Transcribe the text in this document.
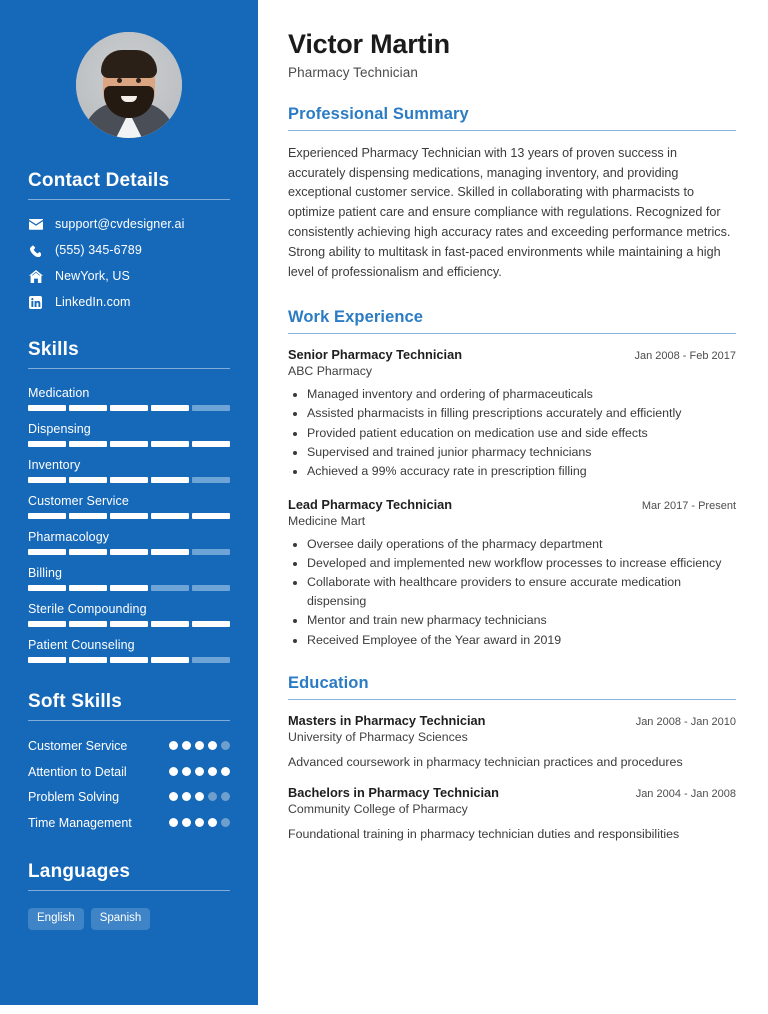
Contact Details
support@cvdesigner.ai
(555) 345-6789
NewYork, US
LinkedIn.com
Skills
Medication
Dispensing
Inventory
Customer Service
Pharmacology
Billing
Sterile Compounding
Patient Counseling
Soft Skills
Customer Service
Attention to Detail
Problem Solving
Time Management
Languages
English	Spanish
Victor Martin
Pharmacy Technician
Professional Summary

Experienced Pharmacy Technician with 13 years of proven success in accurately dispensing medications, managing inventory, and providing exceptional customer service. Skilled in collaborating with pharmacists to optimize patient care and ensure compliance with regulations. Recognized for consistently achieving high accuracy rates and exceeding performance metrics. Strong ability to multitask in fast-paced environments while maintaining a high level of professionalism and efficiency.

Work Experience
Senior Pharmacy Technician	Jan 2008 - Feb 2017
ABC Pharmacy
• Managed inventory and ordering of pharmaceuticals
• Assisted pharmacists in filling prescriptions accurately and efficiently
• Provided patient education on medication use and side effects
• Supervised and trained junior pharmacy technicians
• Achieved a 99% accuracy rate in prescription filling
Lead Pharmacy Technician	Mar 2017 - Present
Medicine Mart
• Oversee daily operations of the pharmacy department
• Developed and implemented new workflow processes to increase efficiency
• Collaborate with healthcare providers to ensure accurate medication dispensing
• Mentor and train new pharmacy technicians
• Received Employee of the Year award in 2019
Education
Masters in Pharmacy Technician	Jan 2008 - Jan 2010
University of Pharmacy Sciences
Advanced coursework in pharmacy technician practices and procedures
Bachelors in Pharmacy Technician	Jan 2004 - Jan 2008
Community College of Pharmacy
Foundational training in pharmacy technician duties and responsibilities
